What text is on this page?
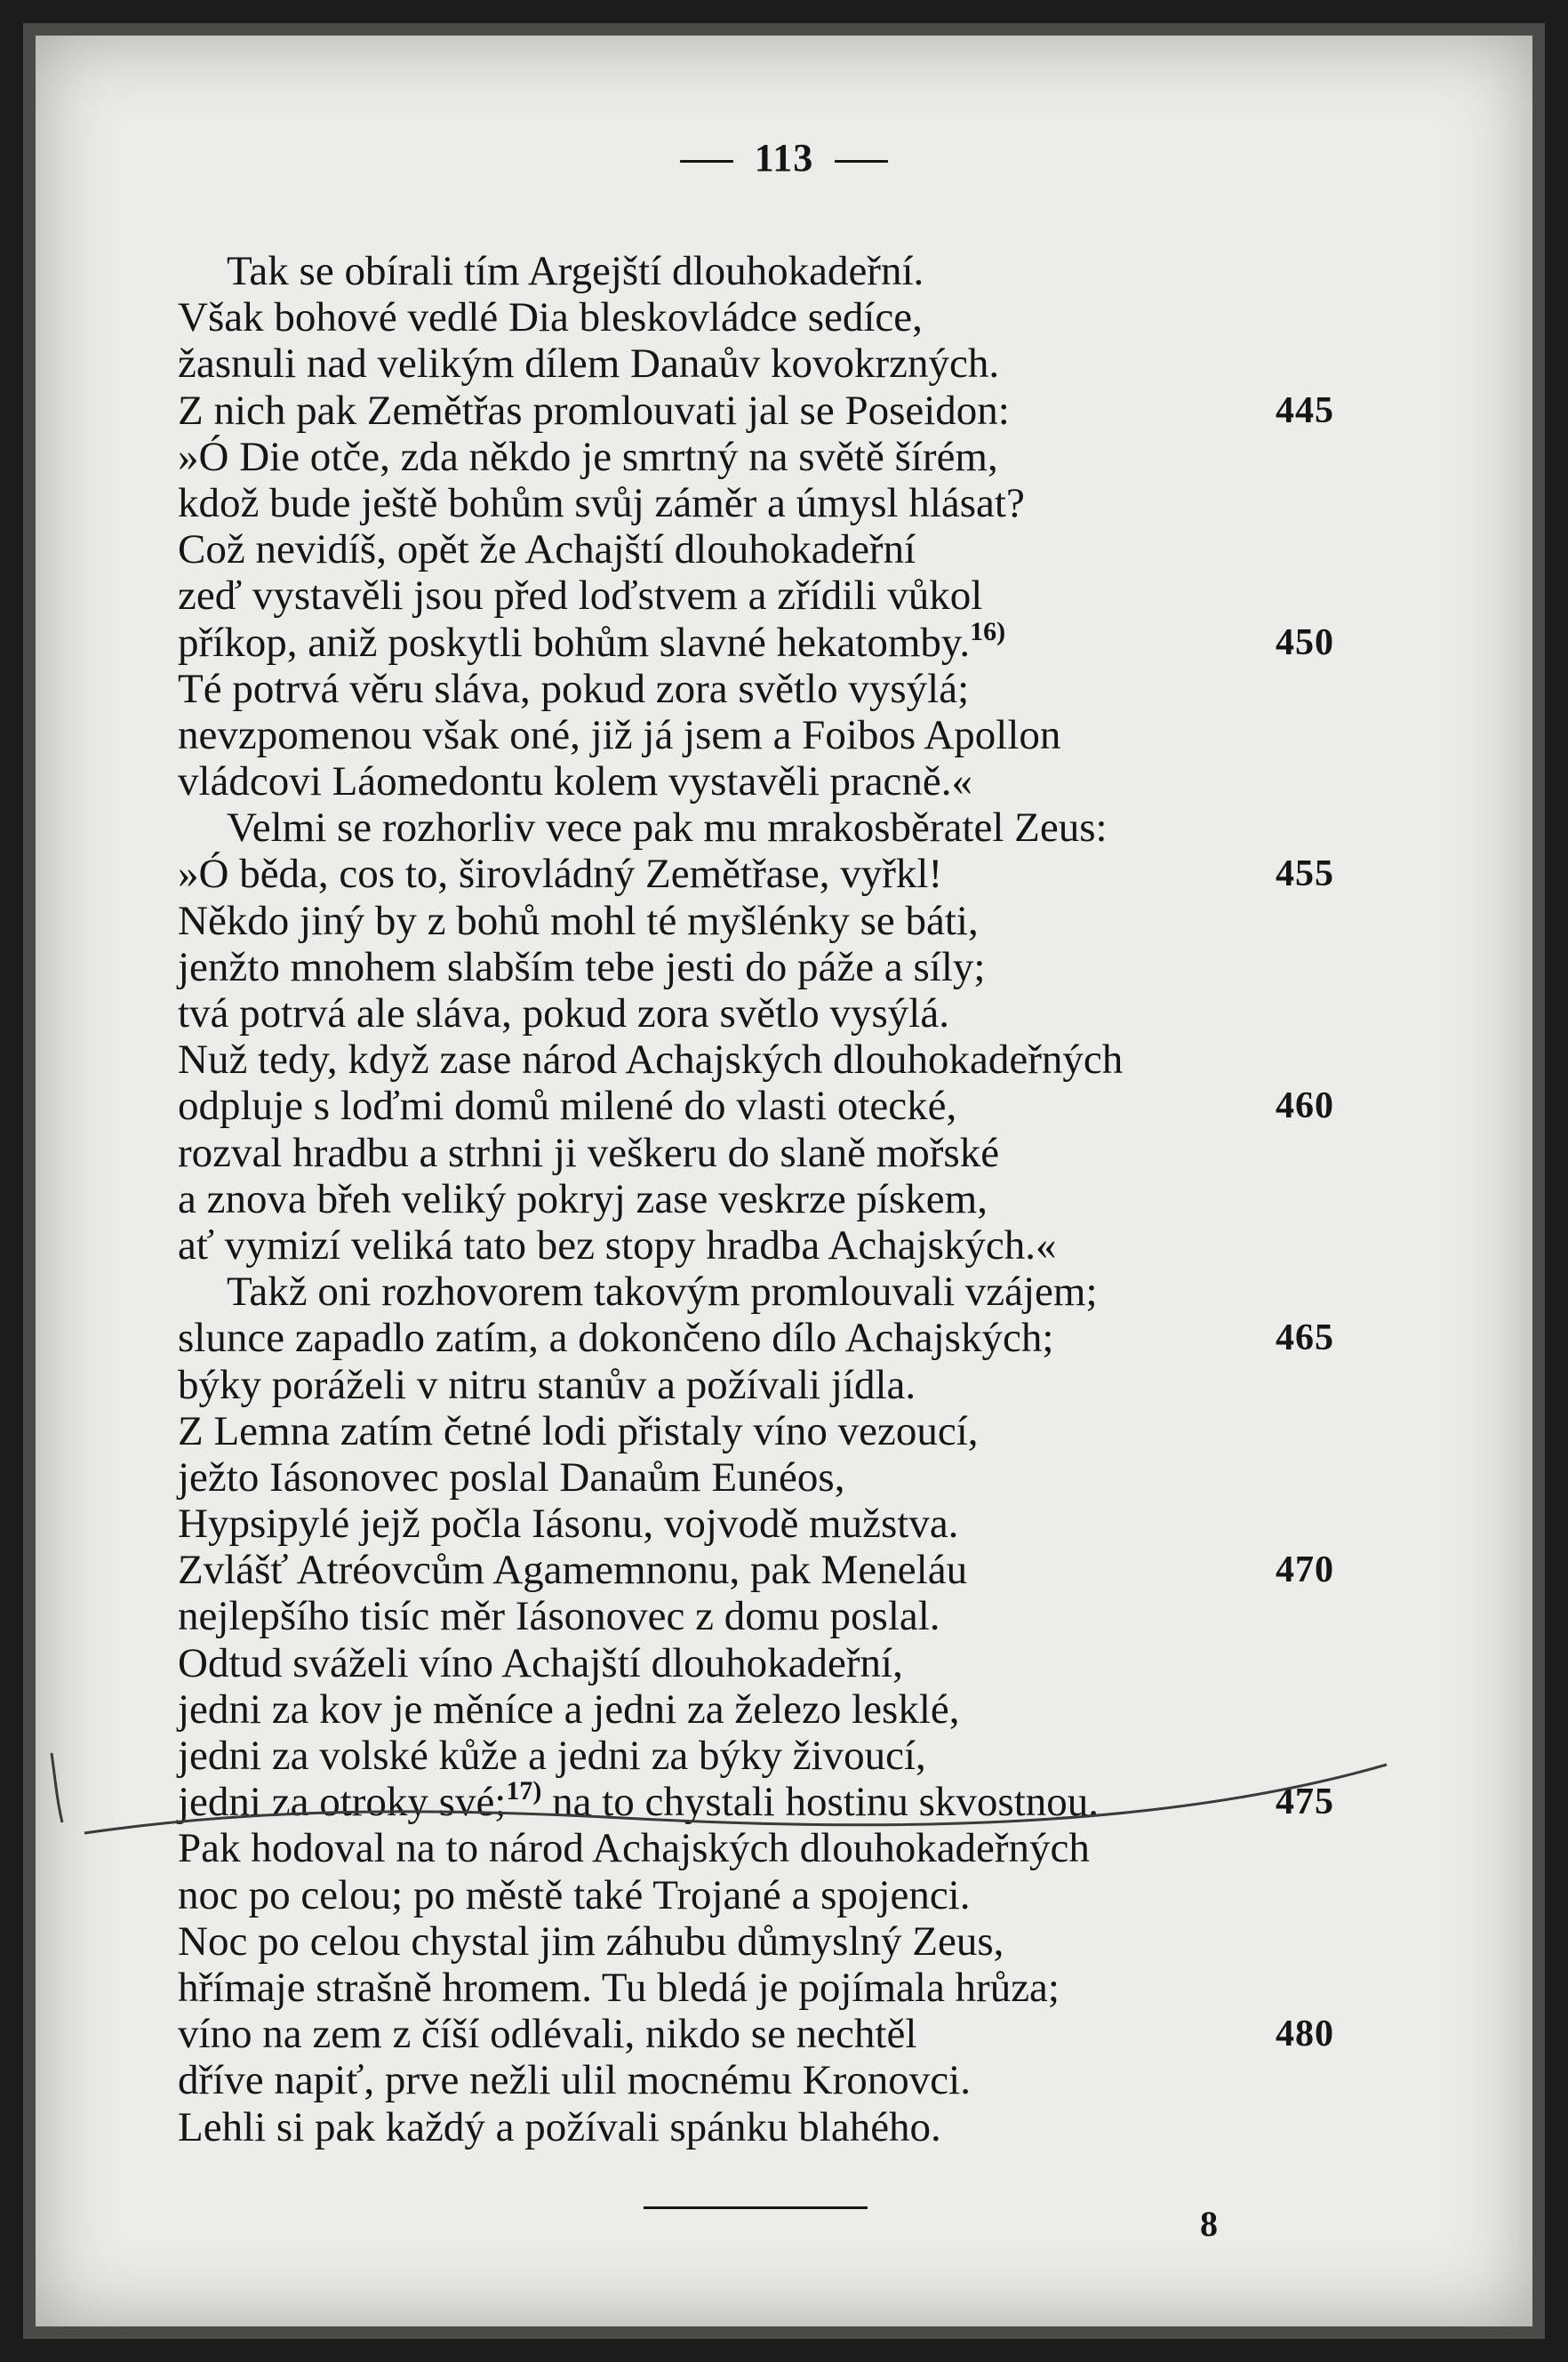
113
Tak se obírali tím Argejští dlouhokadeřní.
Však bohové vedlé Dia bleskovládce sedíce,
žasnuli nad velikým dílem Danaův kovokrzných.
Z nich pak Zemětřas promlouvati jal se Poseidon:	445
»Ó Die otče, zda někdo je smrtný na světě šírém,
kdož bude ještě bohům svůj záměr a úmysl hlásat?
Což nevidíš, opět že Achajští dlouhokadeřní
zeď vystavěli jsou před loďstvem a zřídili vůkol
příkop, aniž poskytli bohům slavné hekatomby.$^{16)}$	450
Té potrvá věru sláva, pokud zora světlo vysýlá;
nevzpomenou však oné, již já jsem a Foibos Apollon
vládcovi Láomedontu kolem vystavěli pracně.«
Velmi se rozhorliv vece pak mu mrakosběratel Zeus:
»Ó běda, cos to, širovládný Zemětřase, vyřkl!	455
Někdo jiný by z bohů mohl té myšlénky se báti,
jenžto mnohem slabším tebe jesti do páže a síly;
tvá potrvá ale sláva, pokud zora světlo vysýlá.
Nuž tedy, když zase národ Achajských dlouhokadeřných
odpluje s loďmi domů milené do vlasti otecké,	460
rozval hradbu a strhni ji veškeru do slaně mořské
a znova břeh veliký pokryj zase veskrze pískem,
ať vymizí veliká tato bez stopy hradba Achajských.«
Takž oni rozhovorem takovým promlouvali vzájem;
slunce zapadlo zatím, a dokončeno dílo Achajských;	465
býky poráželi v nitru stanův a požívali jídla.
Z Lemna zatím četné lodi přistaly víno vezoucí,
ježto Iásonovec poslal Danaům Eunéos,
Hypsipylé jejž počla Iásonu, vojvodě mužstva.
Zvlášť Atréovcům Agamemnonu, pak Meneláu	470
nejlepšího tisíc měr Iásonovec z domu poslal.
Odtud sváželi víno Achajští dlouhokadeřní,
jedni za kov je měníce a jedni za železo lesklé,
jedni za volské kůže a jedni za býky živoucí,
jedni za otroky své;$^{17)}$ na to chystali hostinu skvostnou.	475
Pak hodoval na to národ Achajských dlouhokadeřných
noc po celou; po městě také Trojané a spojenci.
Noc po celou chystal jim záhubu důmyslný Zeus,
hřímaje strašně hromem. Tu bledá je pojímala hrůza;
víno na zem z číší odlévali, nikdo se nechtěl	480
dříve napiť, prve nežli ulil mocnému Kronovci.
Lehli si pak každý a požívali spánku blahého.
8
